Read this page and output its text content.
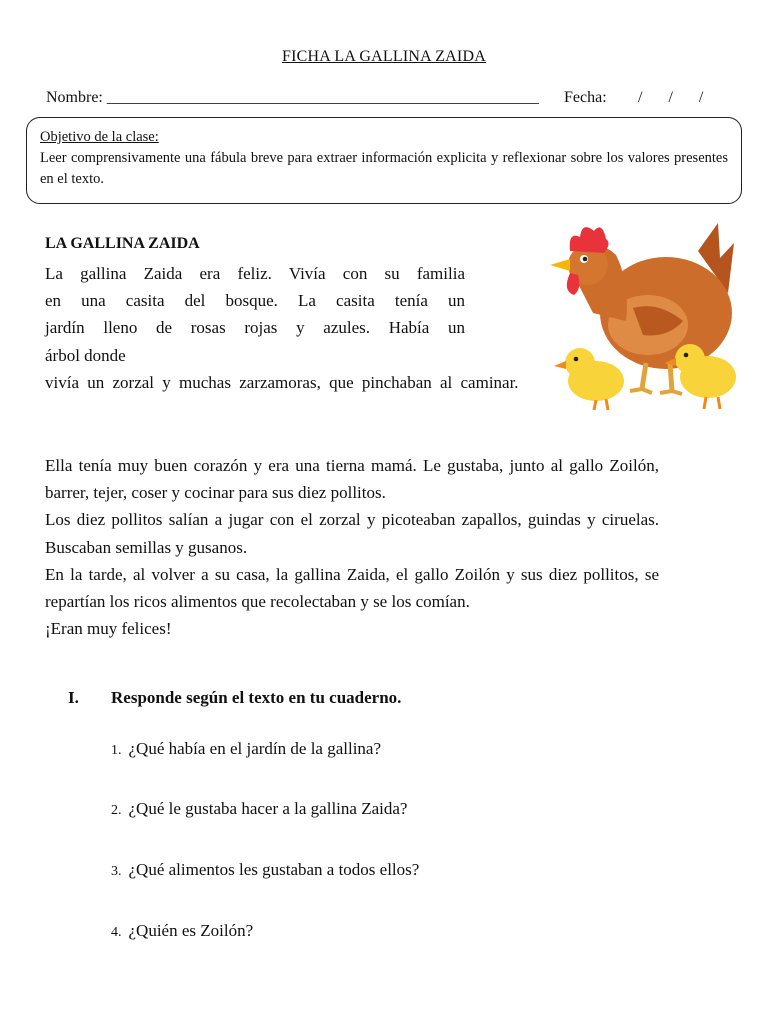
FICHA LA GALLINA ZAIDA
Nombre: ______________________________________________________ Fecha: / / /
Objetivo de la clase:
Leer comprensivamente una fábula breve para extraer información explicita y reflexionar sobre los valores presentes en el texto.
LA GALLINA ZAIDA
La gallina Zaida era feliz. Vivía con su familia
en una casita del bosque. La casita tenía un
jardín lleno de rosas rojas y azules. Había un
árbol donde
vivía un zorzal y muchas zarzamoras, que pinchaban al caminar.
Ella tenía muy buen corazón y era una tierna mamá. Le gustaba, junto al gallo Zoilón, barrer, tejer, coser y cocinar para sus diez pollitos.
Los diez pollitos salían a jugar con el zorzal y picoteaban zapallos, guindas y ciruelas. Buscaban semillas y gusanos.
En la tarde, al volver a su casa, la gallina Zaida, el gallo Zoilón y sus diez pollitos, se repartían los ricos alimentos que recolectaban y se los comían.
¡Eran muy felices!
I. Responde según el texto en tu cuaderno.
1. ¿Qué había en el jardín de la gallina?
2. ¿Qué le gustaba hacer a la gallina Zaida?
3. ¿Qué alimentos les gustaban a todos ellos?
4. ¿Quién es Zoilón?
